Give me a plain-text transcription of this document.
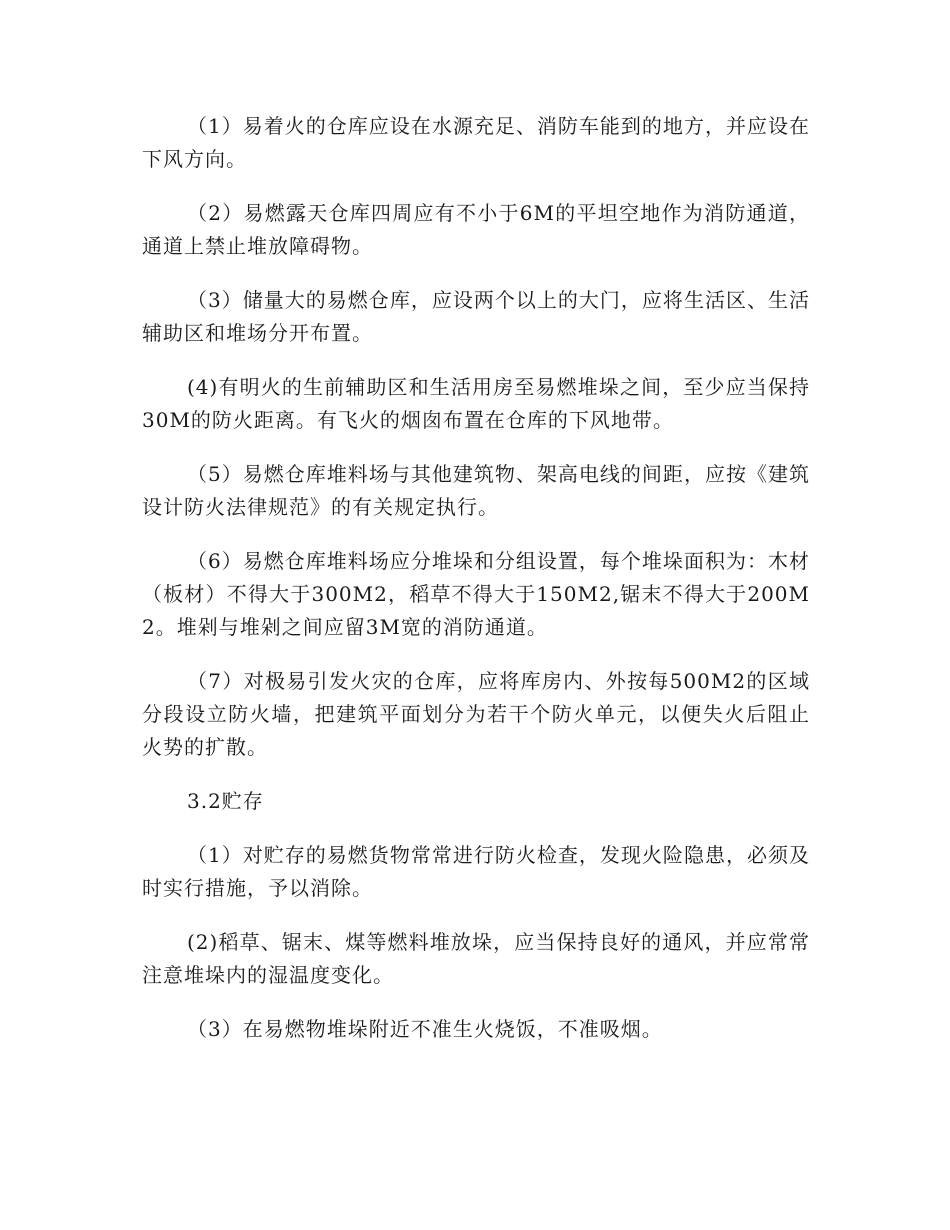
（1）易着火的仓库应设在水源充足、消防车能到的地方，并应设在下风方向。

（2）易燃露天仓库四周应有不小于6M的平坦空地作为消防通道，通道上禁止堆放障碍物。

（3）储量大的易燃仓库，应设两个以上的大门，应将生活区、生活辅助区和堆场分开布置。

(4)有明火的生前辅助区和生活用房至易燃堆垛之间，至少应当保持30M的防火距离。有飞火的烟囱布置在仓库的下风地带。

（5）易燃仓库堆料场与其他建筑物、架高电线的间距，应按《建筑设计防火法律规范》的有关规定执行。

（6）易燃仓库堆料场应分堆垛和分组设置，每个堆垛面积为：木材（板材）不得大于300M2，稻草不得大于150M2,锯末不得大于200M2。堆剁与堆剁之间应留3M宽的消防通道。

（7）对极易引发火灾的仓库，应将库房内、外按每500M2的区域分段设立防火墙，把建筑平面划分为若干个防火单元，以便失火后阻止火势的扩散。

3.2贮存

（1）对贮存的易燃货物常常进行防火检查，发现火险隐患，必须及时实行措施，予以消除。

(2)稻草、锯末、煤等燃料堆放垛，应当保持良好的通风，并应常常注意堆垛内的湿温度变化。

（3）在易燃物堆垛附近不准生火烧饭，不准吸烟。
